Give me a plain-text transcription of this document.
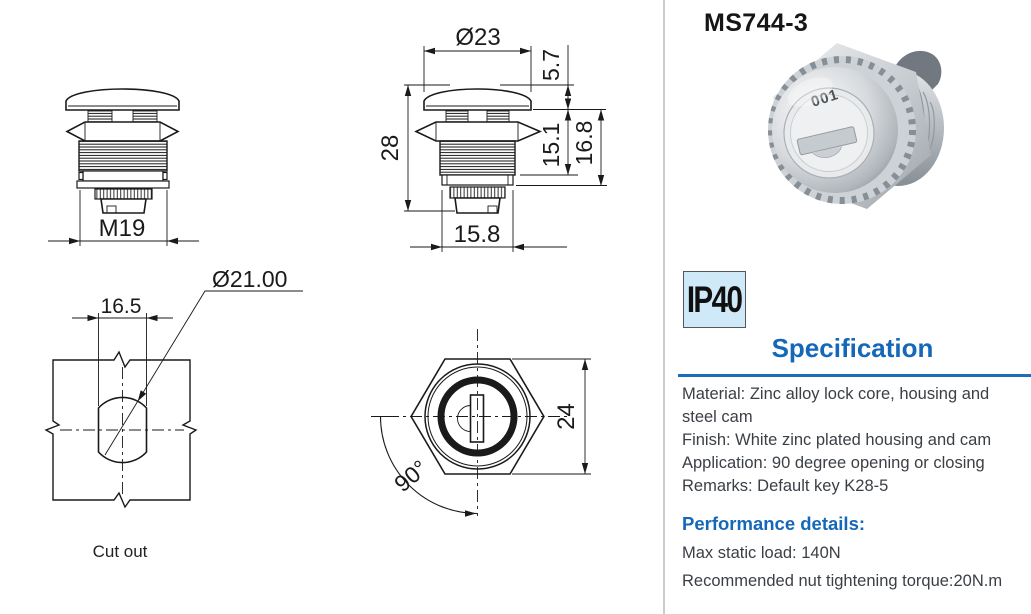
M19
Ø23
28
5.7
15.1 16.8
15.8
16.5
Ø21.00
Cut out
24
90°
MS744-3
001
IP40
Specification
Material: Zinc alloy lock core, housing and steel cam
Finish: White zinc plated housing and cam
Application: 90 degree opening or closing
Remarks: Default key K28-5
Performance details:
Max static load: 140N
Recommended nut tightening torque:20N.m
